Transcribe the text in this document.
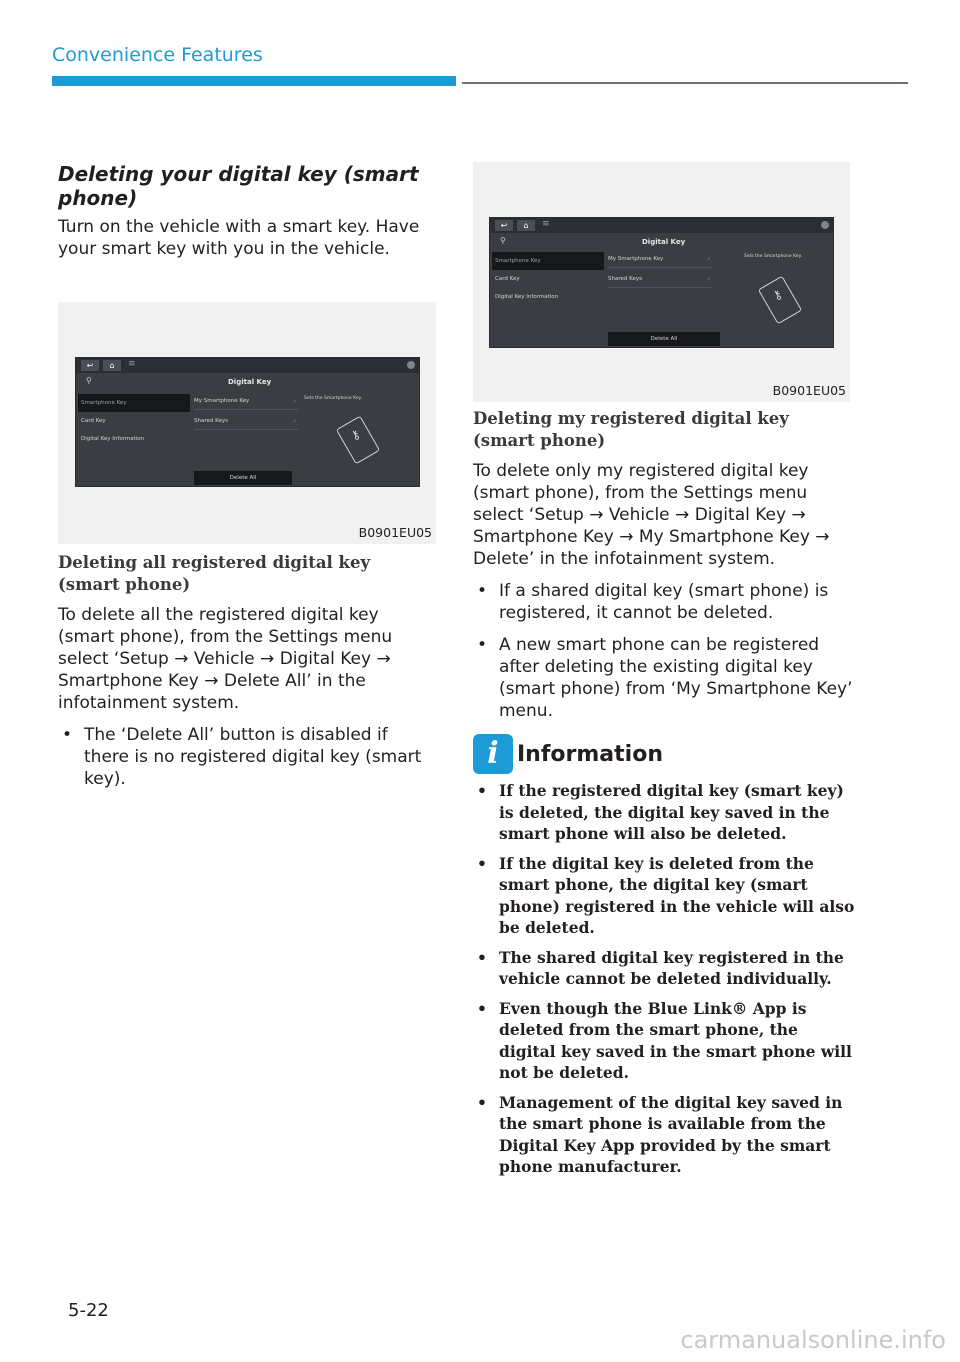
Convenience Features
Deleting your digital key (smart phone)

Turn on the vehicle with a smart key. Have your smart key with you in the vehicle.

↩	⌂	≡
⚲	Digital Key
Smartphone Key
Card Key
Digital Key Information
My Smartphone Key	›
Shared Keys	›
Sets the Smartphone Key.
⚷
Delete All
B0901EU05
Deleting all registered digital key (smart phone)

To delete all the registered digital key (smart phone), from the Settings menu select ‘Setup → Vehicle → Digital Key → Smartphone Key → Delete All’ in the infotainment system.

• The ‘Delete All’ button is disabled if there is no registered digital key (smart key).
↩	⌂	≡
⚲	Digital Key
Smartphone Key
Card Key
Digital Key Information
My Smartphone Key	›
Shared Keys	›
Sets the Smartphone Key.
⚷
Delete All
B0901EU05
Deleting my registered digital key (smart phone)

To delete only my registered digital key (smart phone), from the Settings menu select ‘Setup → Vehicle → Digital Key → Smartphone Key → My Smartphone Key → Delete’ in the infotainment system.

• If a shared digital key (smart phone) is registered, it cannot be deleted.
• A new smart phone can be registered after deleting the existing digital key (smart phone) from ‘My Smartphone Key’ menu.
i Information
• If the registered digital key (smart key) is deleted, the digital key saved in the smart phone will also be deleted.
• If the digital key is deleted from the smart phone, the digital key (smart phone) registered in the vehicle will also be deleted.
• The shared digital key registered in the vehicle cannot be deleted individually.
• Even though the Blue Link® App is deleted from the smart phone, the digital key saved in the smart phone will not be deleted.
• Management of the digital key saved in the smart phone is available from the Digital Key App provided by the smart phone manufacturer.
5-22
carmanualsonline.info
